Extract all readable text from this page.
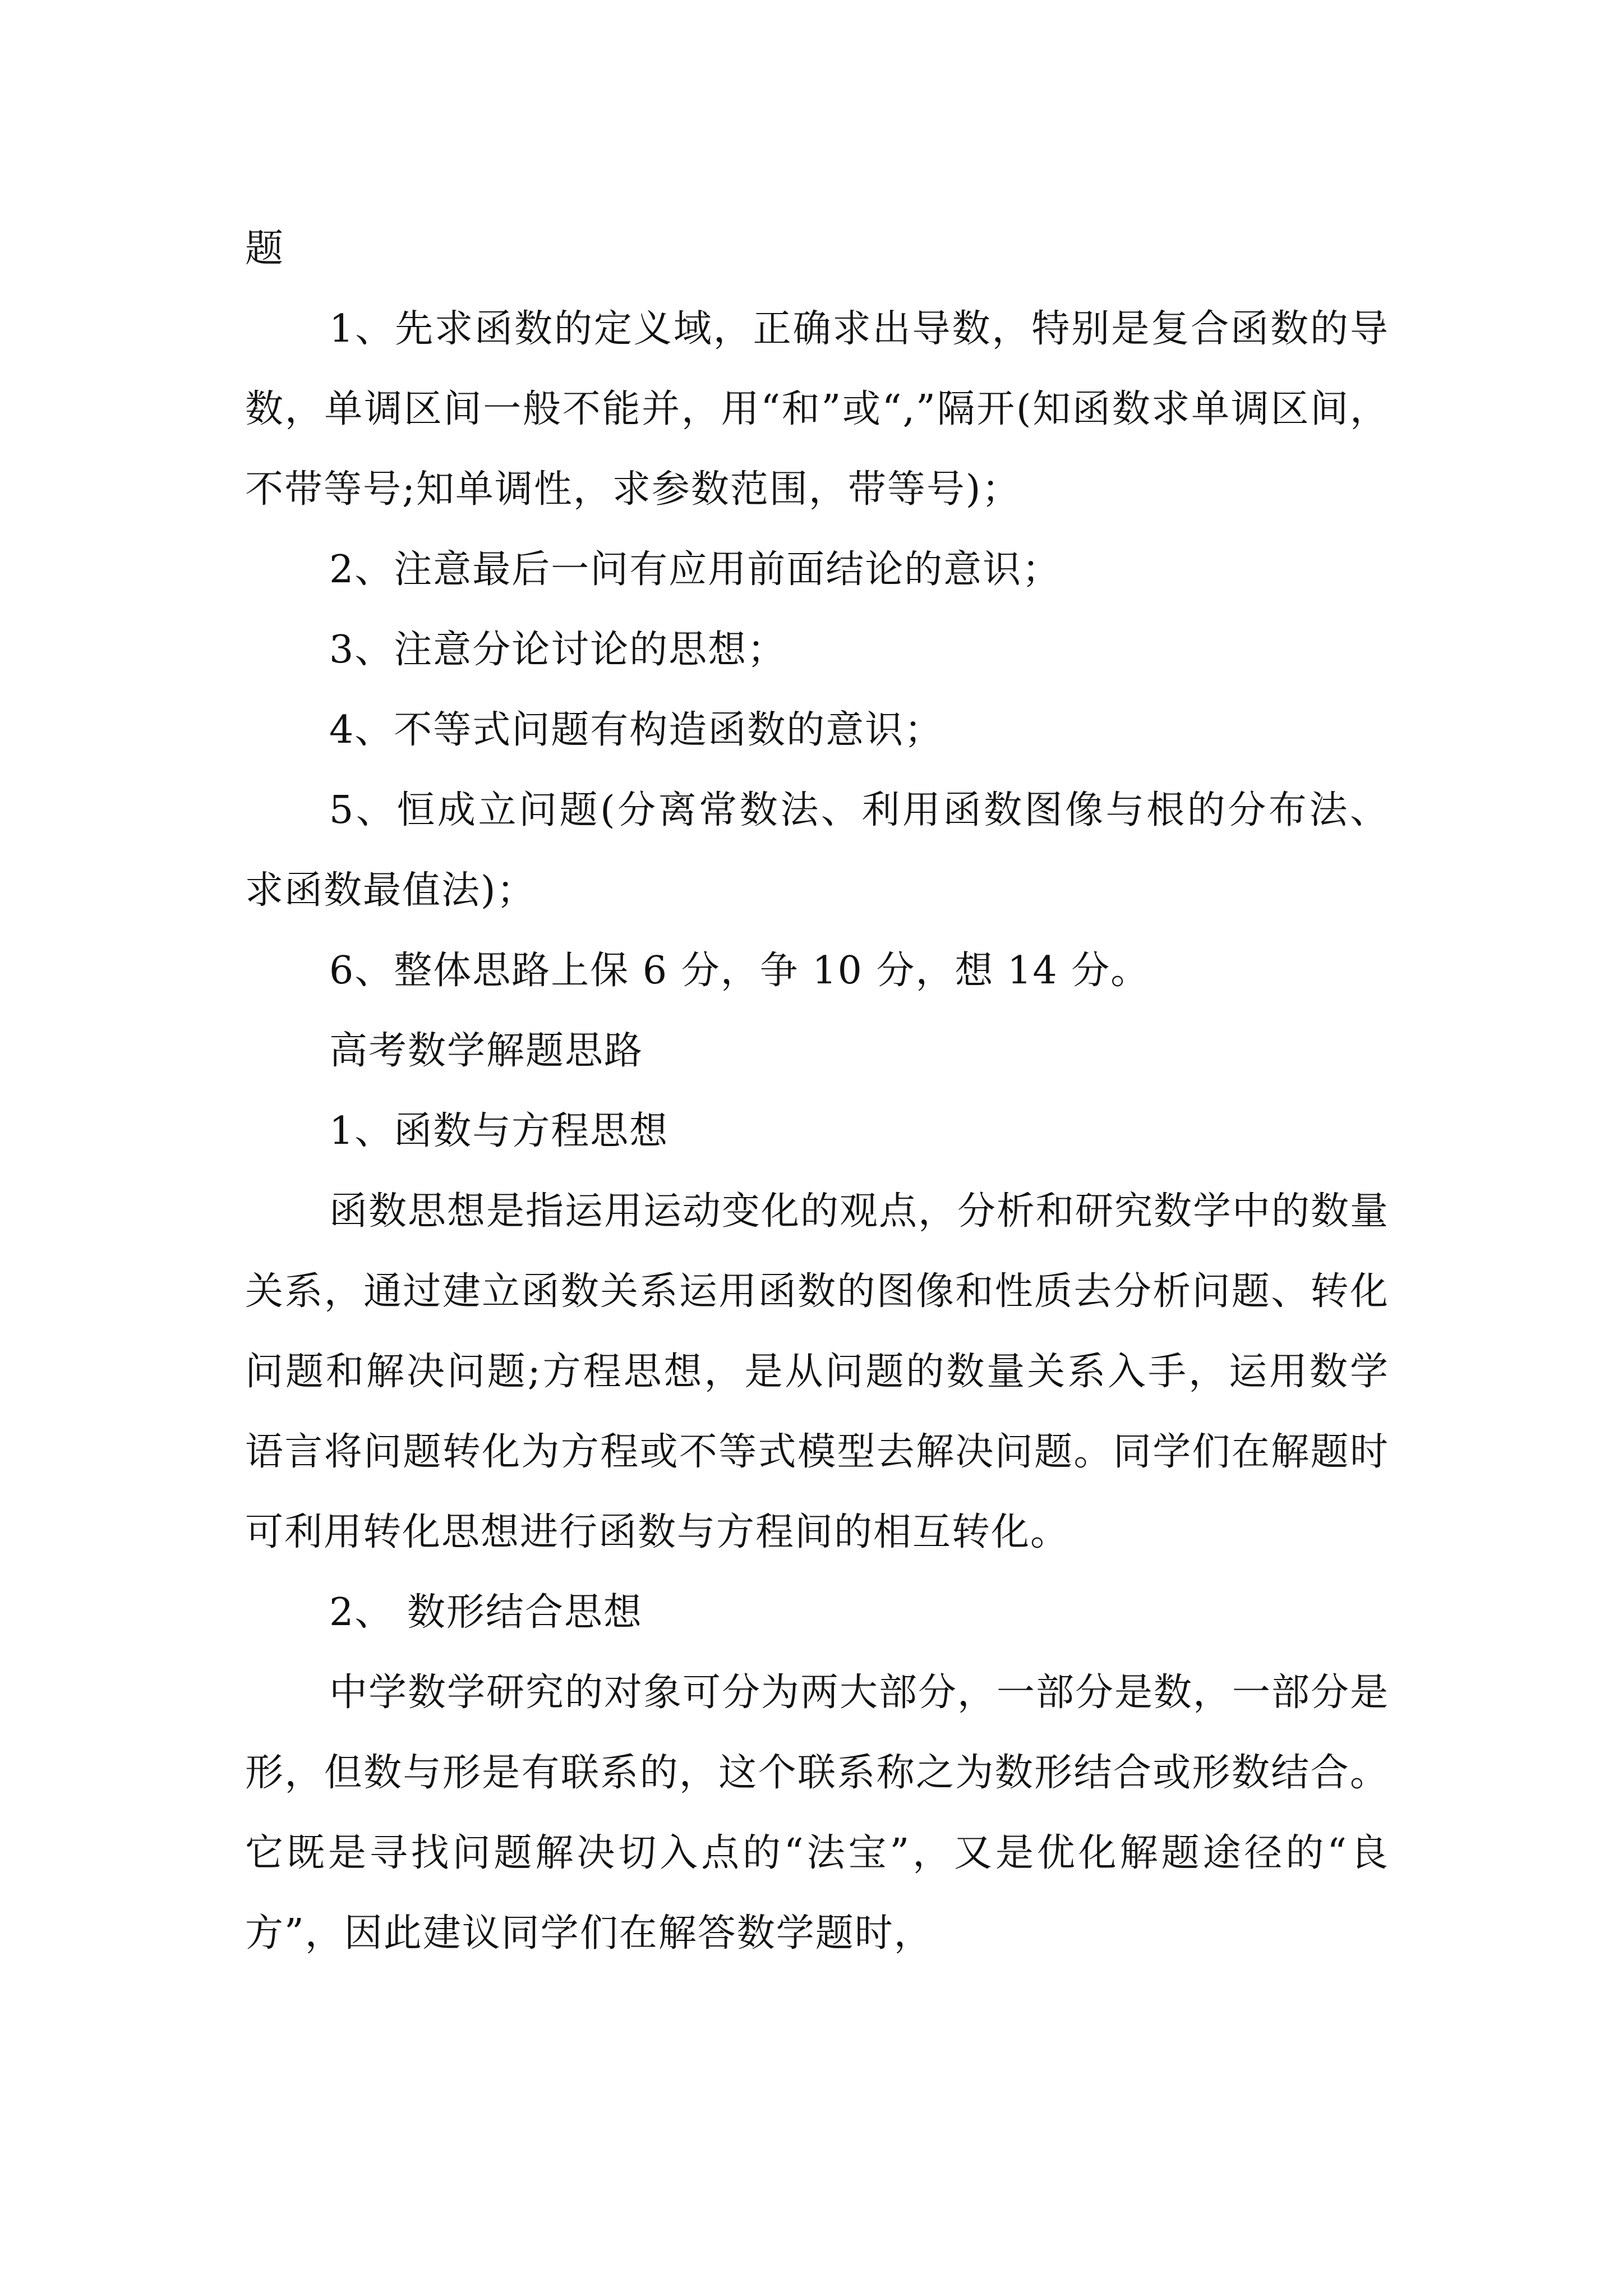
题

1、先求函数的定义域，正确求出导数，特别是复合函数的导数，单调区间一般不能并，用“和”或“,”隔开(知函数求单调区间，不带等号;知单调性，求参数范围，带等号)；

2、注意最后一问有应用前面结论的意识；

3、注意分论讨论的思想；

4、不等式问题有构造函数的意识；

5、恒成立问题(分离常数法、利用函数图像与根的分布法、求函数最值法)；

6、整体思路上保 6 分，争 10 分，想 14 分。

高考数学解题思路

1、函数与方程思想

函数思想是指运用运动变化的观点，分析和研究数学中的数量关系，通过建立函数关系运用函数的图像和性质去分析问题、转化问题和解决问题;方程思想，是从问题的数量关系入手，运用数学语言将问题转化为方程或不等式模型去解决问题。同学们在解题时可利用转化思想进行函数与方程间的相互转化。

2、 数形结合思想

中学数学研究的对象可分为两大部分，一部分是数，一部分是形，但数与形是有联系的，这个联系称之为数形结合或形数结合。它既是寻找问题解决切入点的“法宝”，又是优化解题途径的“良方”，因此建议同学们在解答数学题时，
